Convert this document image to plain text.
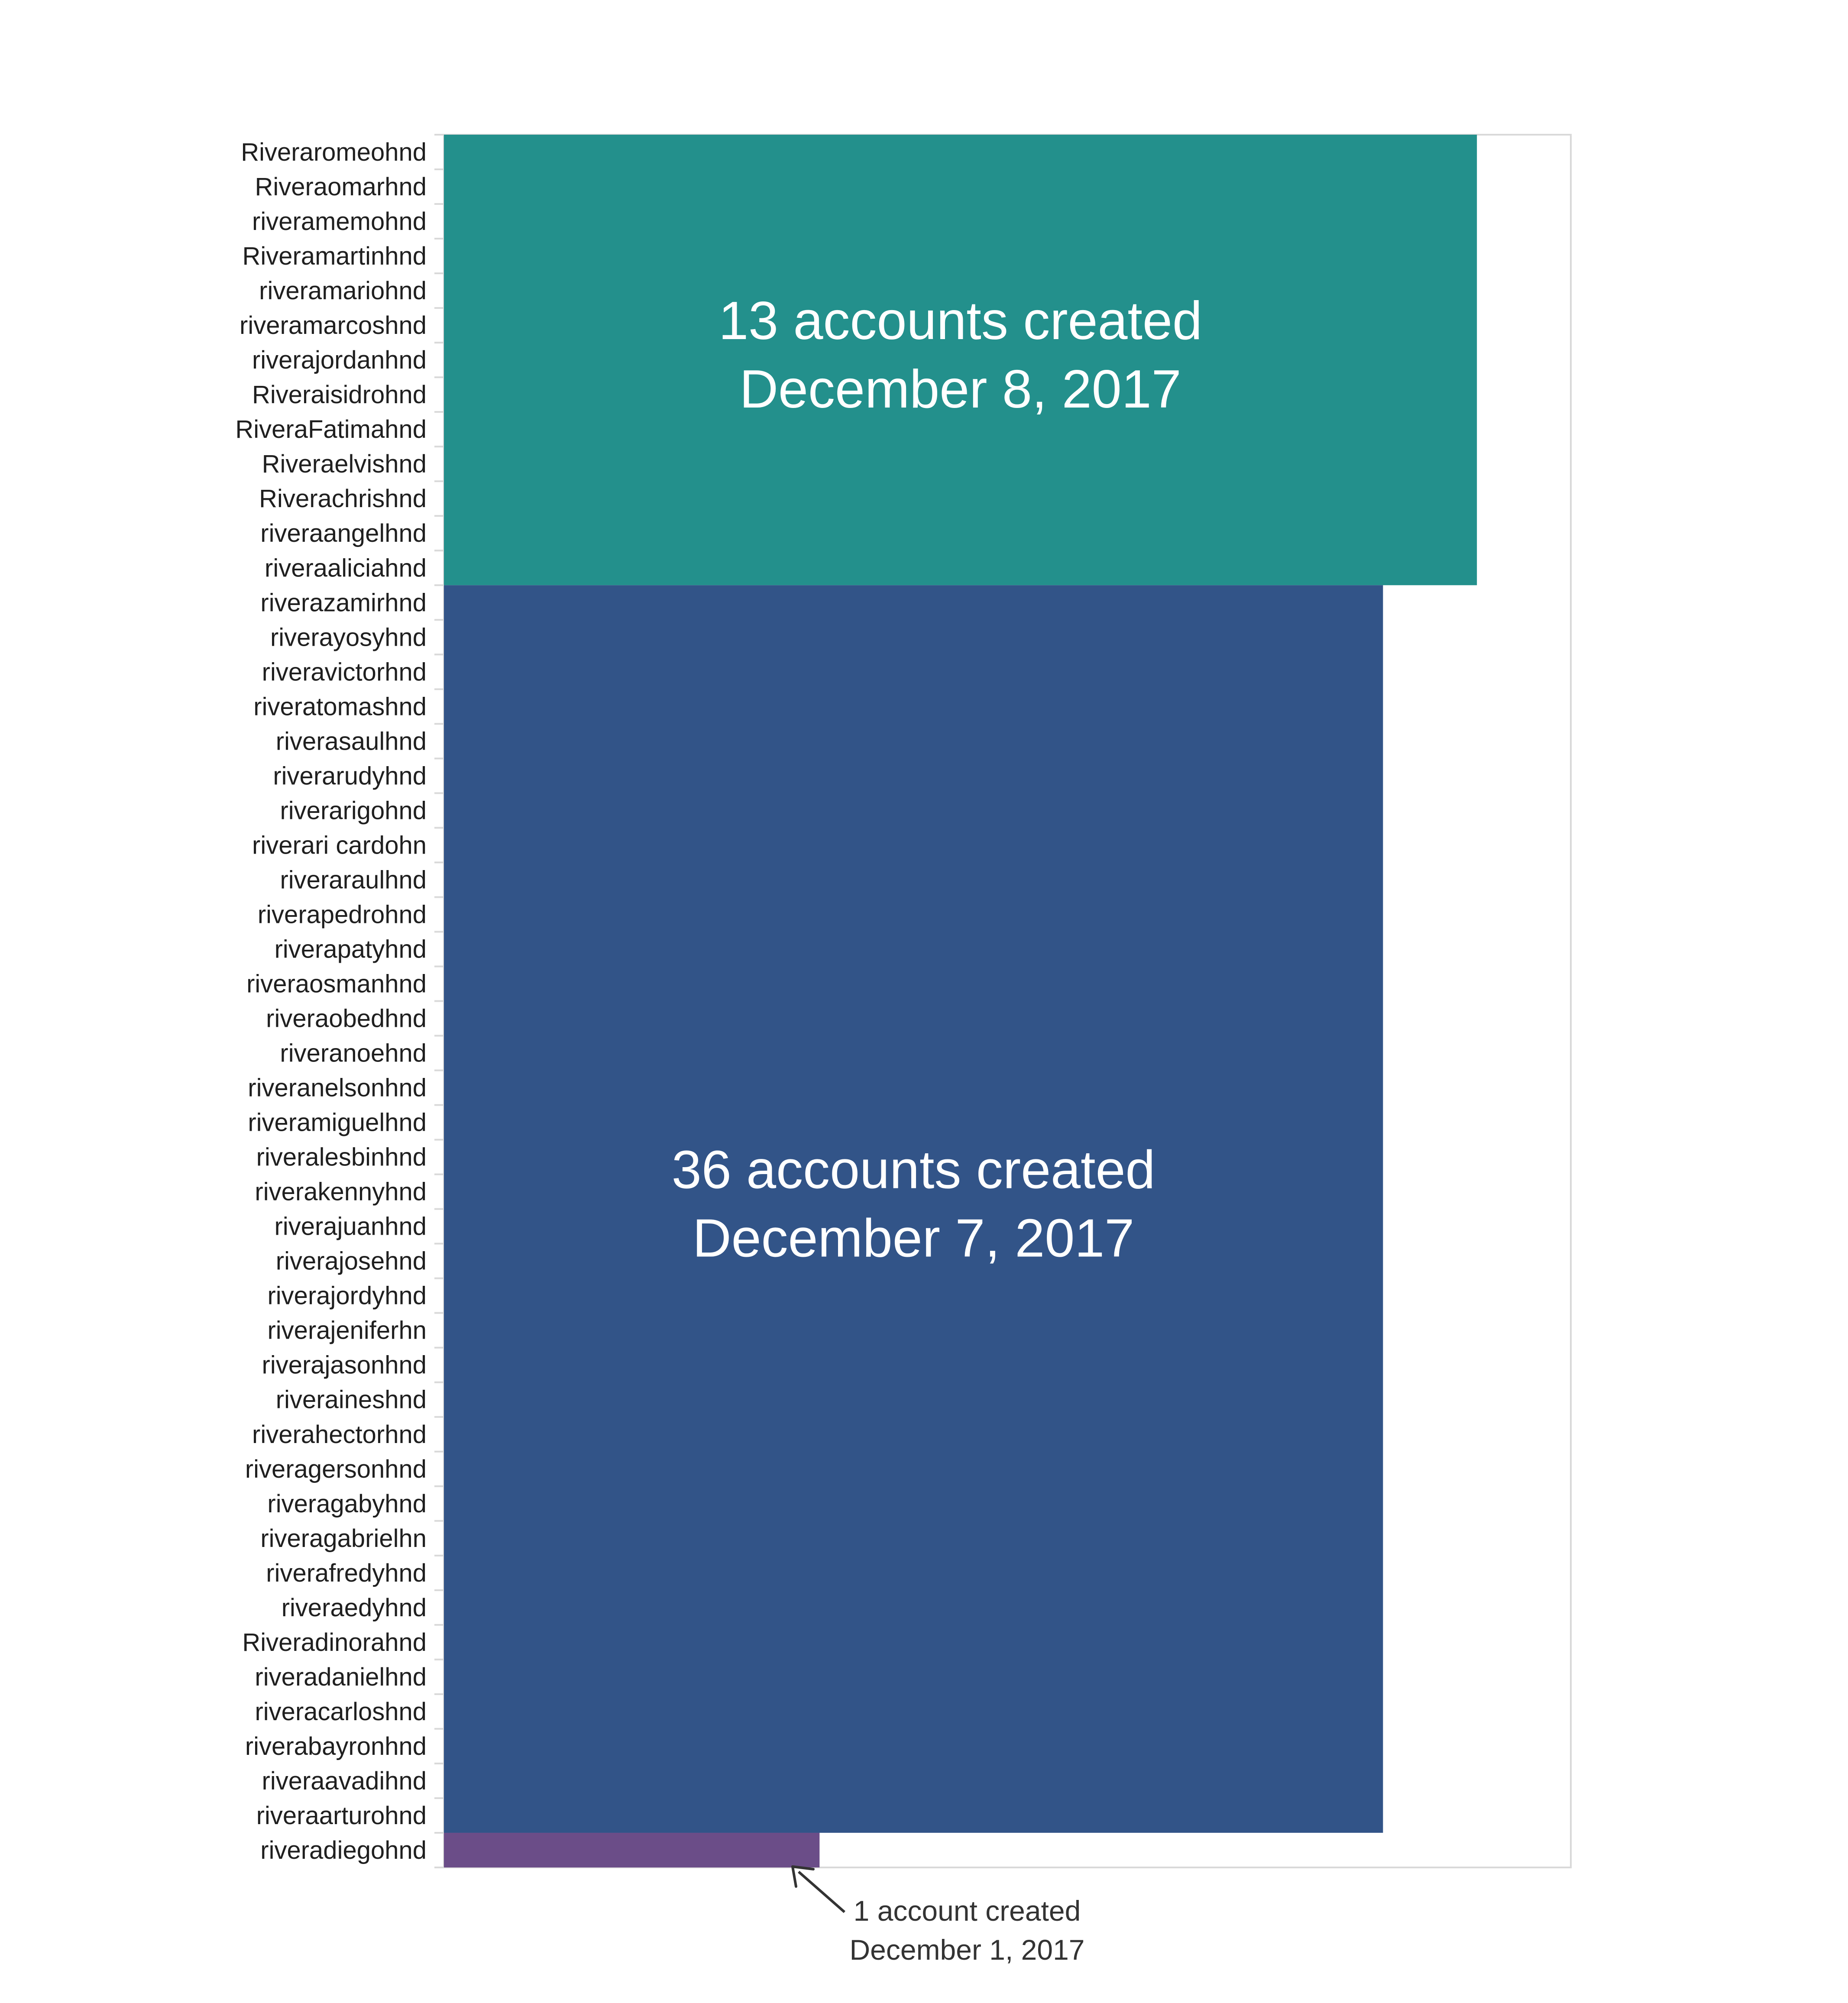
Riveraromeohnd
Riveraomarhnd
riveramemohnd
Riveramartinhnd
riveramariohnd
riveramarcoshnd
riverajordanhnd
Riveraisidrohnd
RiveraFatimahnd
Riveraelvishnd
Riverachrishnd
riveraangelhnd
riveraaliciahnd
riverazamirhnd
riverayosyhnd
riveravictorhnd
riveratomashnd
riverasaulhnd
riverarudyhnd
riverarigohnd
riverari cardohn
riveraraulhnd
riverapedrohnd
riverapatyhnd
riveraosmanhnd
riveraobedhnd
riveranoehnd
riveranelsonhnd
riveramiguelhnd
riveralesbinhnd
riverakennyhnd
riverajuanhnd
riverajosehnd
riverajordyhnd
riverajeniferhn
riverajasonhnd
riveraineshnd
riverahectorhnd
riveragersonhnd
riveragabyhnd
riveragabrielhn
riverafredyhnd
riveraedyhnd
Riveradinorahnd
riveradanielhnd
riveracarloshnd
riverabayronhnd
riveraavadihnd
riveraarturohnd
riveradiegohnd
13 accounts created
December 8, 2017
36 accounts created
December 7, 2017
1 account created
December 1, 2017
